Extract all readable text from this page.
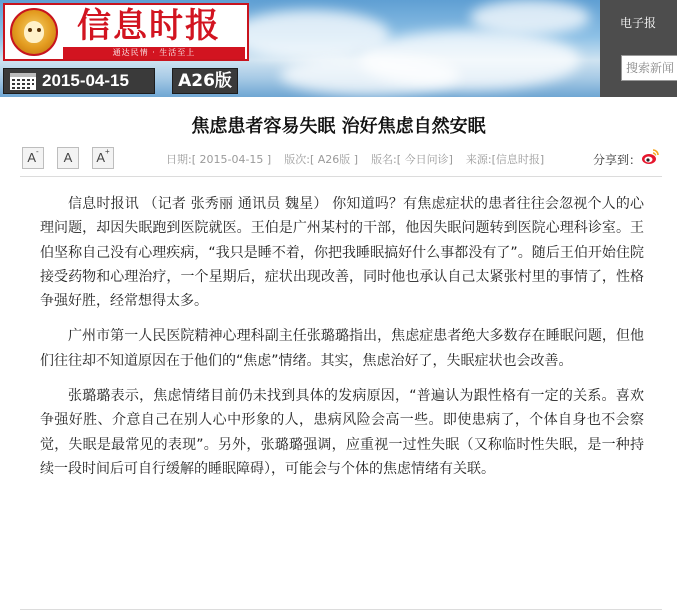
信息时报
通达民情 · 生活至上
2015-04-15	A26版
电子报
搜索新闻
焦虑患者容易失眠 治好焦虑自然安眠
A-	A	A+
日期:[ 2015-04-15 ] 版次:[ A26版 ] 版名:[ 今日问诊] 来源:[信息时报]	分享到：

信息时报讯 （记者 张秀丽 通讯员 魏星） 你知道吗？有焦虑症状的患者往往会忽视个人的心理问题，却因失眠跑到医院就医。王伯是广州某村的干部，他因失眠问题转到医院心理科诊室。王伯坚称自己没有心理疾病，“我只是睡不着，你把我睡眠搞好什么事都没有了”。随后王伯开始住院接受药物和心理治疗，一个星期后，症状出现改善，同时他也承认自己太紧张村里的事情了，性格争强好胜，经常想得太多。

广州市第一人民医院精神心理科副主任张璐璐指出，焦虑症患者绝大多数存在睡眠问题，但他们往往却不知道原因在于他们的“焦虑”情绪。其实，焦虑治好了，失眠症状也会改善。

张璐璐表示，焦虑情绪目前仍未找到具体的发病原因，“普遍认为跟性格有一定的关系。喜欢争强好胜、介意自己在别人心中形象的人，患病风险会高一些。即使患病了，个体自身也不会察觉，失眠是最常见的表现”。另外，张璐璐强调，应重视一过性失眠（又称临时性失眠，是一种持续一段时间后可自行缓解的睡眠障碍），可能会与个体的焦虑情绪有关联。
